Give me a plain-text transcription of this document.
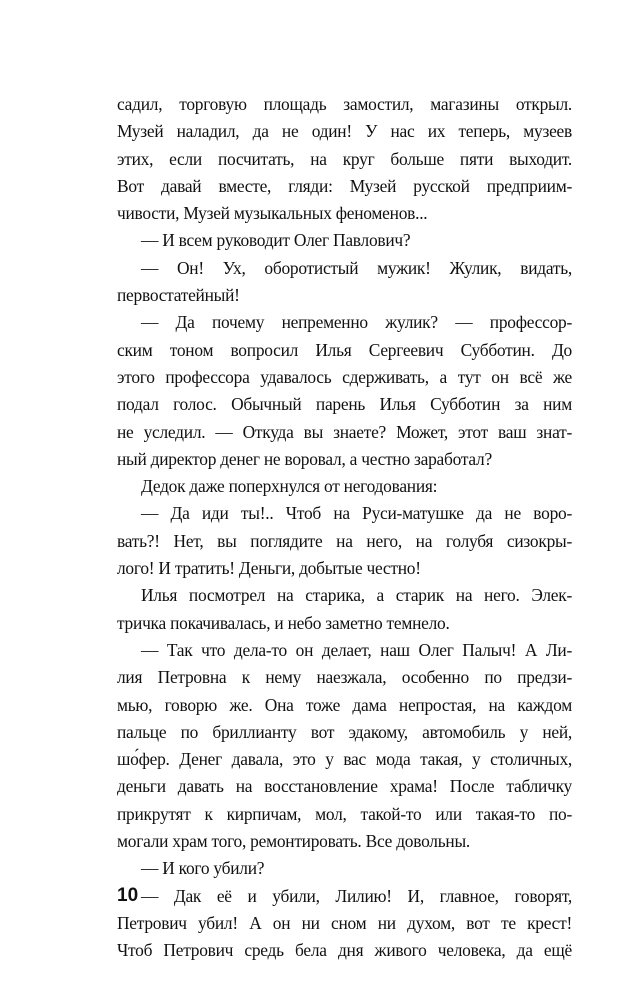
садил, торговую площадь замостил, магазины открыл.
Музей наладил, да не один! У нас их теперь, музеев
этих, если посчитать, на круг больше пяти выходит.
Вот давай вместе, гляди: Музей русской предприим-
чивости, Музей музыкальных феноменов...
— И всем руководит Олег Павлович?
— Он! Ух, оборотистый мужик! Жулик, видать,
первостатейный!
— Да почему непременно жулик? — профессор-
ским тоном вопросил Илья Сергеевич Субботин. До
этого профессора удавалось сдерживать, а тут он всё же
подал голос. Обычный парень Илья Субботин за ним
не уследил. — Откуда вы знаете? Может, этот ваш знат-
ный директор денег не воровал, а честно заработал?
Дедок даже поперхнулся от негодования:
— Да иди ты!.. Чтоб на Руси-матушке да не воро-
вать?! Нет, вы поглядите на него, на голубя сизокры-
лого! И тратить! Деньги, добытые честно!
Илья посмотрел на старика, а старик на него. Элек-
тричка покачивалась, и небо заметно темнело.
— Так что дела-то он делает, наш Олег Палыч! А Ли-
лия Петровна к нему наезжала, особенно по предзи-
мью, говорю же. Она тоже дама непростая, на каждом
пальце по бриллианту вот эдакому, автомобиль у ней,
шо́фер. Денег давала, это у вас мода такая, у столичных,
деньги давать на восстановление храма! После табличку
прикрутят к кирпичам, мол, такой-то или такая-то по-
могали храм того, ремонтировать. Все довольны.
— И кого убили?
— Дак её и убили, Лилию! И, главное, говорят,
Петрович убил! А он ни сном ни духом, вот те крест!
Чтоб Петрович средь бела дня живого человека, да ещё
10
